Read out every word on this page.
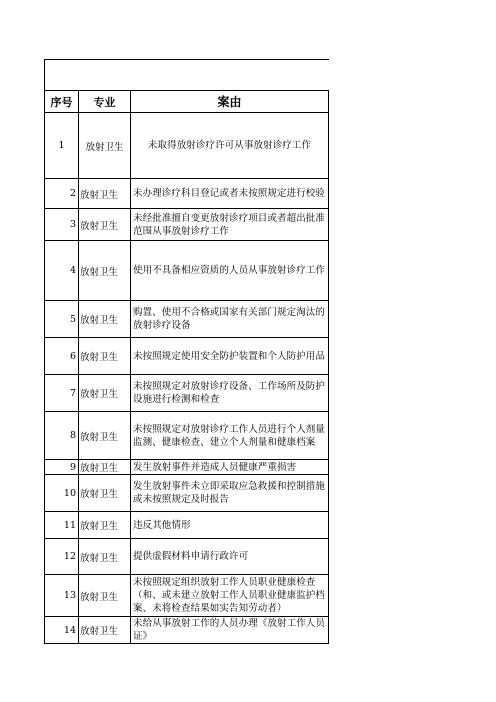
序号	专业	案由
1	放射卫生	未取得放射诊疗许可从事放射诊疗工作
2	放射卫生	未办理诊疗科目登记或者未按照规定进行校验
3	放射卫生	未经批准擅自变更放射诊疗项目或者超出批准范围从事放射诊疗工作
4	放射卫生	使用不具备相应资质的人员从事放射诊疗工作
5	放射卫生	购置、使用不合格或国家有关部门规定淘汰的放射诊疗设备
6	放射卫生	未按照规定使用安全防护装置和个人防护用品
7	放射卫生	未按照规定对放射诊疗设备、工作场所及防护设施进行检测和检查
8	放射卫生	未按照规定对放射诊疗工作人员进行个人剂量监测、健康检查、建立个人剂量和健康档案
9	放射卫生	发生放射事件并造成人员健康严重损害
10	放射卫生	发生放射事件未立即采取应急救援和控制措施或未按照规定及时报告
11	放射卫生	违反其他情形
12	放射卫生	提供虚假材料申请行政许可
13	放射卫生	未按照规定组织放射工作人员职业健康检查（和、或未建立放射工作人员职业健康监护档案、未将检查结果如实告知劳动者）
14	放射卫生	未给从事放射工作的人员办理《放射工作人员证》
